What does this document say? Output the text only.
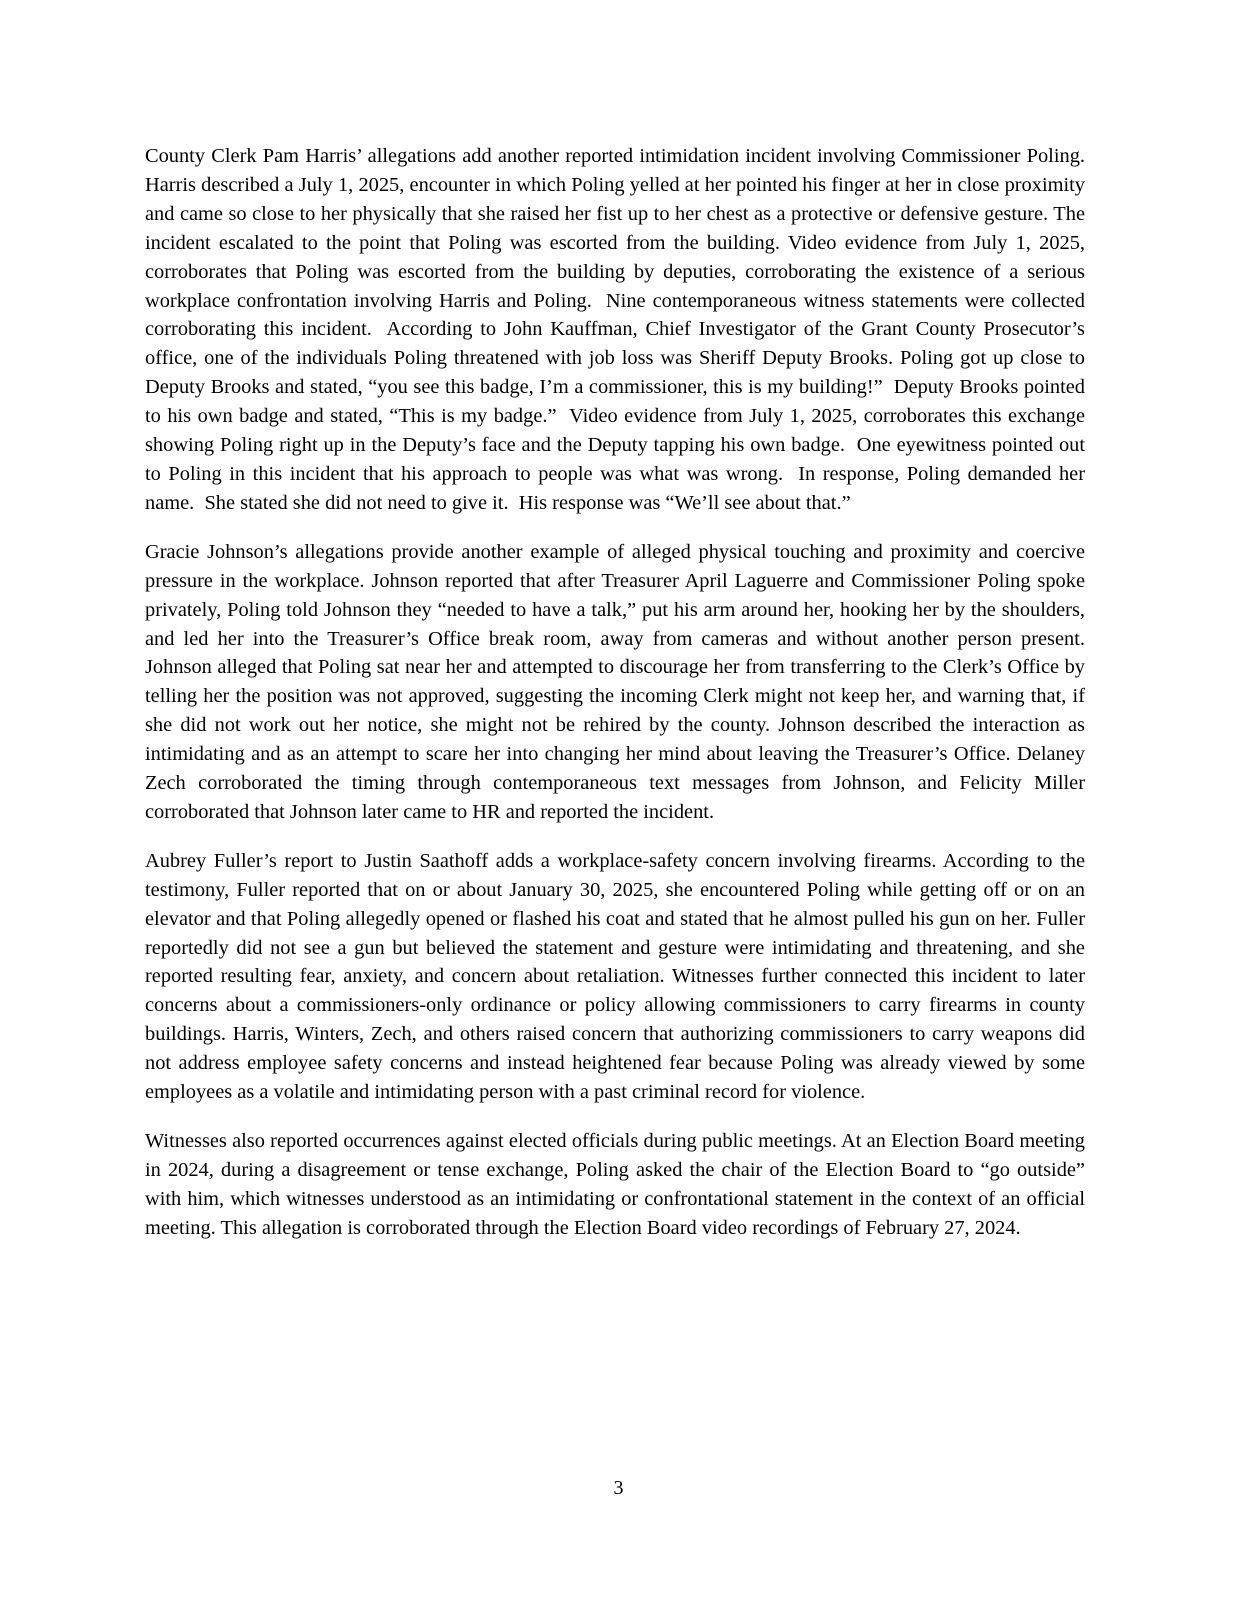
County Clerk Pam Harris’ allegations add another reported intimidation incident involving Commissioner Poling. Harris described a July 1, 2025, encounter in which Poling yelled at her pointed his finger at her in close proximity and came so close to her physically that she raised her fist up to her chest as a protective or defensive gesture. The incident escalated to the point that Poling was escorted from the building. Video evidence from July 1, 2025, corroborates that Poling was escorted from the building by deputies, corroborating the existence of a serious workplace confrontation involving Harris and Poling.  Nine contemporaneous witness statements were collected corroborating this incident.  According to John Kauffman, Chief Investigator of the Grant County Prosecutor’s office, one of the individuals Poling threatened with job loss was Sheriff Deputy Brooks. Poling got up close to Deputy Brooks and stated, “you see this badge, I’m a commissioner, this is my building!”  Deputy Brooks pointed to his own badge and stated, “This is my badge.”  Video evidence from July 1, 2025, corroborates this exchange showing Poling right up in the Deputy’s face and the Deputy tapping his own badge.  One eyewitness pointed out to Poling in this incident that his approach to people was what was wrong.  In response, Poling demanded her name.  She stated she did not need to give it.  His response was “We’ll see about that.”

Gracie Johnson’s allegations provide another example of alleged physical touching and proximity and coercive pressure in the workplace. Johnson reported that after Treasurer April Laguerre and Commissioner Poling spoke privately, Poling told Johnson they “needed to have a talk,” put his arm around her, hooking her by the shoulders, and led her into the Treasurer’s Office break room, away from cameras and without another person present. Johnson alleged that Poling sat near her and attempted to discourage her from transferring to the Clerk’s Office by telling her the position was not approved, suggesting the incoming Clerk might not keep her, and warning that, if she did not work out her notice, she might not be rehired by the county. Johnson described the interaction as intimidating and as an attempt to scare her into changing her mind about leaving the Treasurer’s Office. Delaney Zech corroborated the timing through contemporaneous text messages from Johnson, and Felicity Miller corroborated that Johnson later came to HR and reported the incident.

Aubrey Fuller’s report to Justin Saathoff adds a workplace-safety concern involving firearms. According to the testimony, Fuller reported that on or about January 30, 2025, she encountered Poling while getting off or on an elevator and that Poling allegedly opened or flashed his coat and stated that he almost pulled his gun on her. Fuller reportedly did not see a gun but believed the statement and gesture were intimidating and threatening, and she reported resulting fear, anxiety, and concern about retaliation. Witnesses further connected this incident to later concerns about a commissioners-only ordinance or policy allowing commissioners to carry firearms in county buildings. Harris, Winters, Zech, and others raised concern that authorizing commissioners to carry weapons did not address employee safety concerns and instead heightened fear because Poling was already viewed by some employees as a volatile and intimidating person with a past criminal record for violence.

Witnesses also reported occurrences against elected officials during public meetings. At an Election Board meeting in 2024, during a disagreement or tense exchange, Poling asked the chair of the Election Board to “go outside” with him, which witnesses understood as an intimidating or confrontational statement in the context of an official meeting. This allegation is corroborated through the Election Board video recordings of February 27, 2024.

3
